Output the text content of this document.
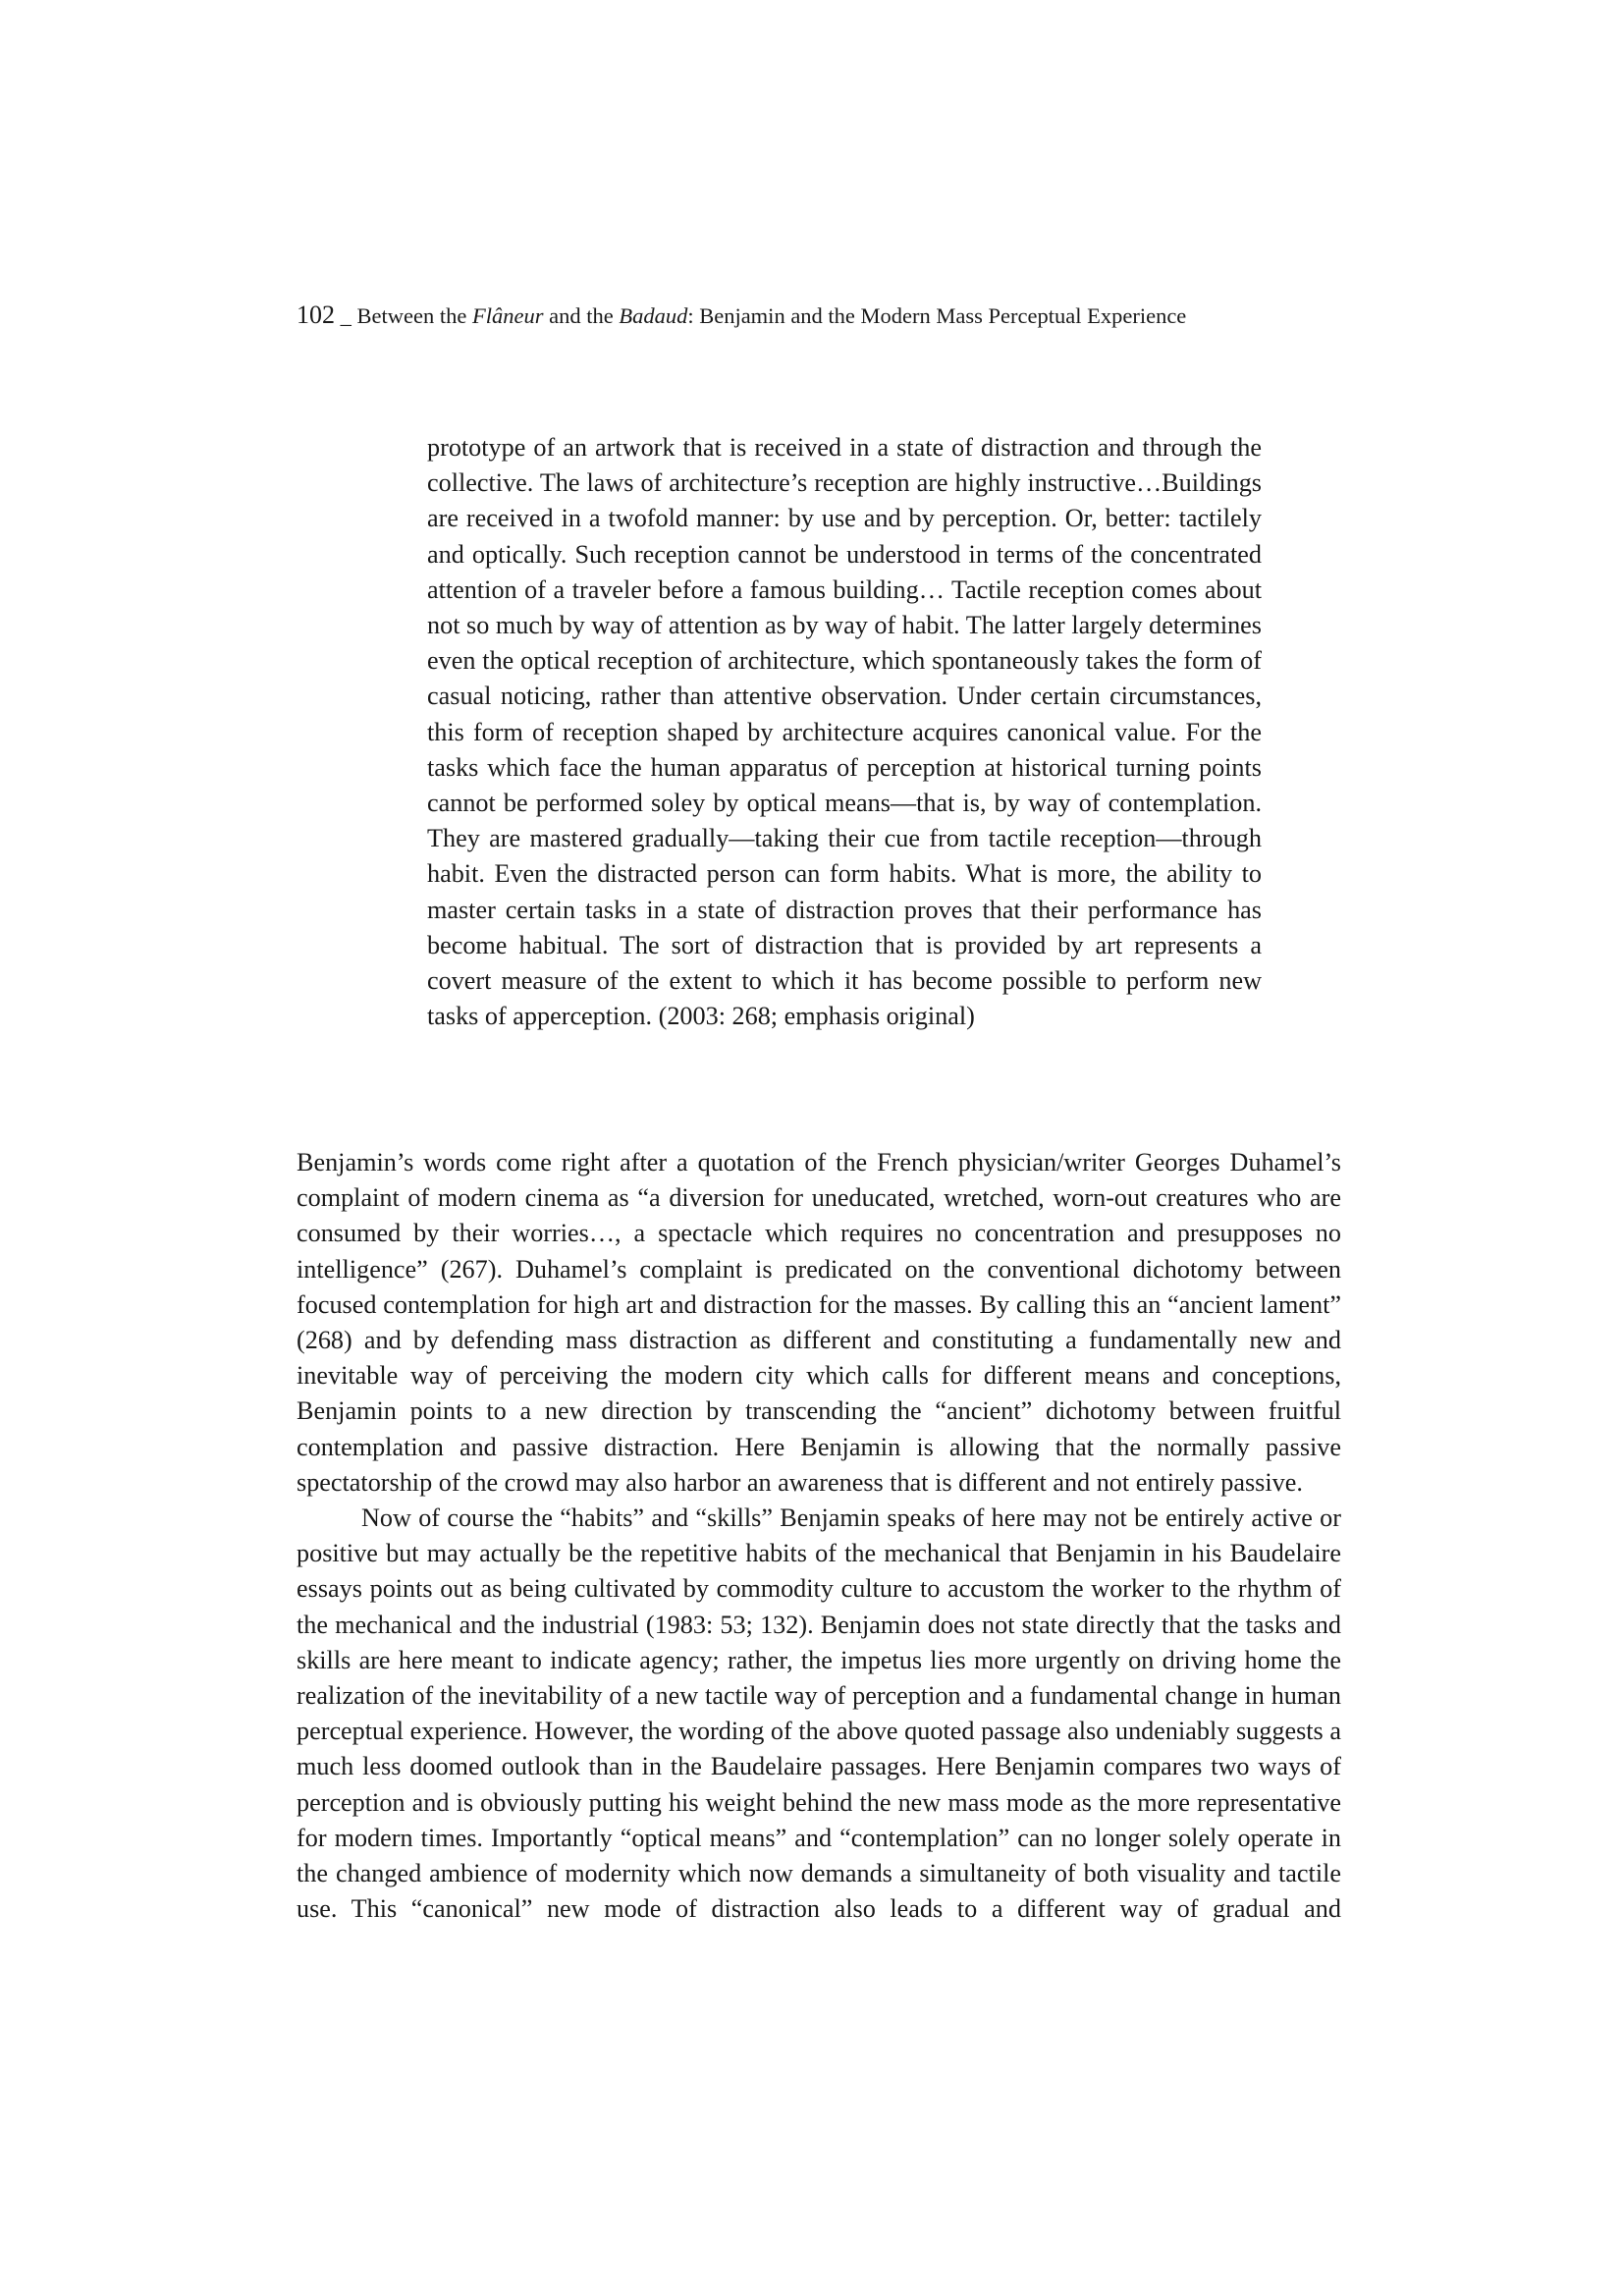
102 _ Between the Flâneur and the Badaud: Benjamin and the Modern Mass Perceptual Experience
prototype of an artwork that is received in a state of distraction and through the collective. The laws of architecture’s reception are highly instructive…Buildings are received in a twofold manner: by use and by perception. Or, better: tactilely and optically. Such reception cannot be understood in terms of the concentrated attention of a traveler before a famous building… Tactile reception comes about not so much by way of attention as by way of habit. The latter largely determines even the optical reception of architecture, which spontaneously takes the form of casual noticing, rather than attentive observation. Under certain circumstances, this form of reception shaped by architecture acquires canonical value. For the tasks which face the human apparatus of perception at historical turning points cannot be performed soley by optical means—that is, by way of contemplation. They are mastered gradually—taking their cue from tactile reception—through habit. Even the distracted person can form habits. What is more, the ability to master certain tasks in a state of distraction proves that their performance has become habitual. The sort of distraction that is provided by art represents a covert measure of the extent to which it has become possible to perform new tasks of apperception. (2003: 268; emphasis original)

Benjamin’s words come right after a quotation of the French physician/writer Georges Duhamel’s complaint of modern cinema as “a diversion for uneducated, wretched, worn-out creatures who are consumed by their worries…, a spectacle which requires no concentration and presupposes no intelligence” (267). Duhamel’s complaint is predicated on the conventional dichotomy between focused contemplation for high art and distraction for the masses. By calling this an “ancient lament” (268) and by defending mass distraction as different and constituting a fundamentally new and inevitable way of perceiving the modern city which calls for different means and conceptions, Benjamin points to a new direction by transcending the “ancient” dichotomy between fruitful contemplation and passive distraction. Here Benjamin is allowing that the normally passive spectatorship of the crowd may also harbor an awareness that is different and not entirely passive.

Now of course the “habits” and “skills” Benjamin speaks of here may not be entirely active or positive but may actually be the repetitive habits of the mechanical that Benjamin in his Baudelaire essays points out as being cultivated by commodity culture to accustom the worker to the rhythm of the mechanical and the industrial (1983: 53; 132). Benjamin does not state directly that the tasks and skills are here meant to indicate agency; rather, the impetus lies more urgently on driving home the realization of the inevitability of a new tactile way of perception and a fundamental change in human perceptual experience. However, the wording of the above quoted passage also undeniably suggests a much less doomed outlook than in the Baudelaire passages. Here Benjamin compares two ways of perception and is obviously putting his weight behind the new mass mode as the more representative for modern times. Importantly “optical means” and “contemplation” can no longer solely operate in the changed ambience of modernity which now demands a simultaneity of both visuality and tactile use. This “canonical” new mode of distraction also leads to a different way of gradual and
